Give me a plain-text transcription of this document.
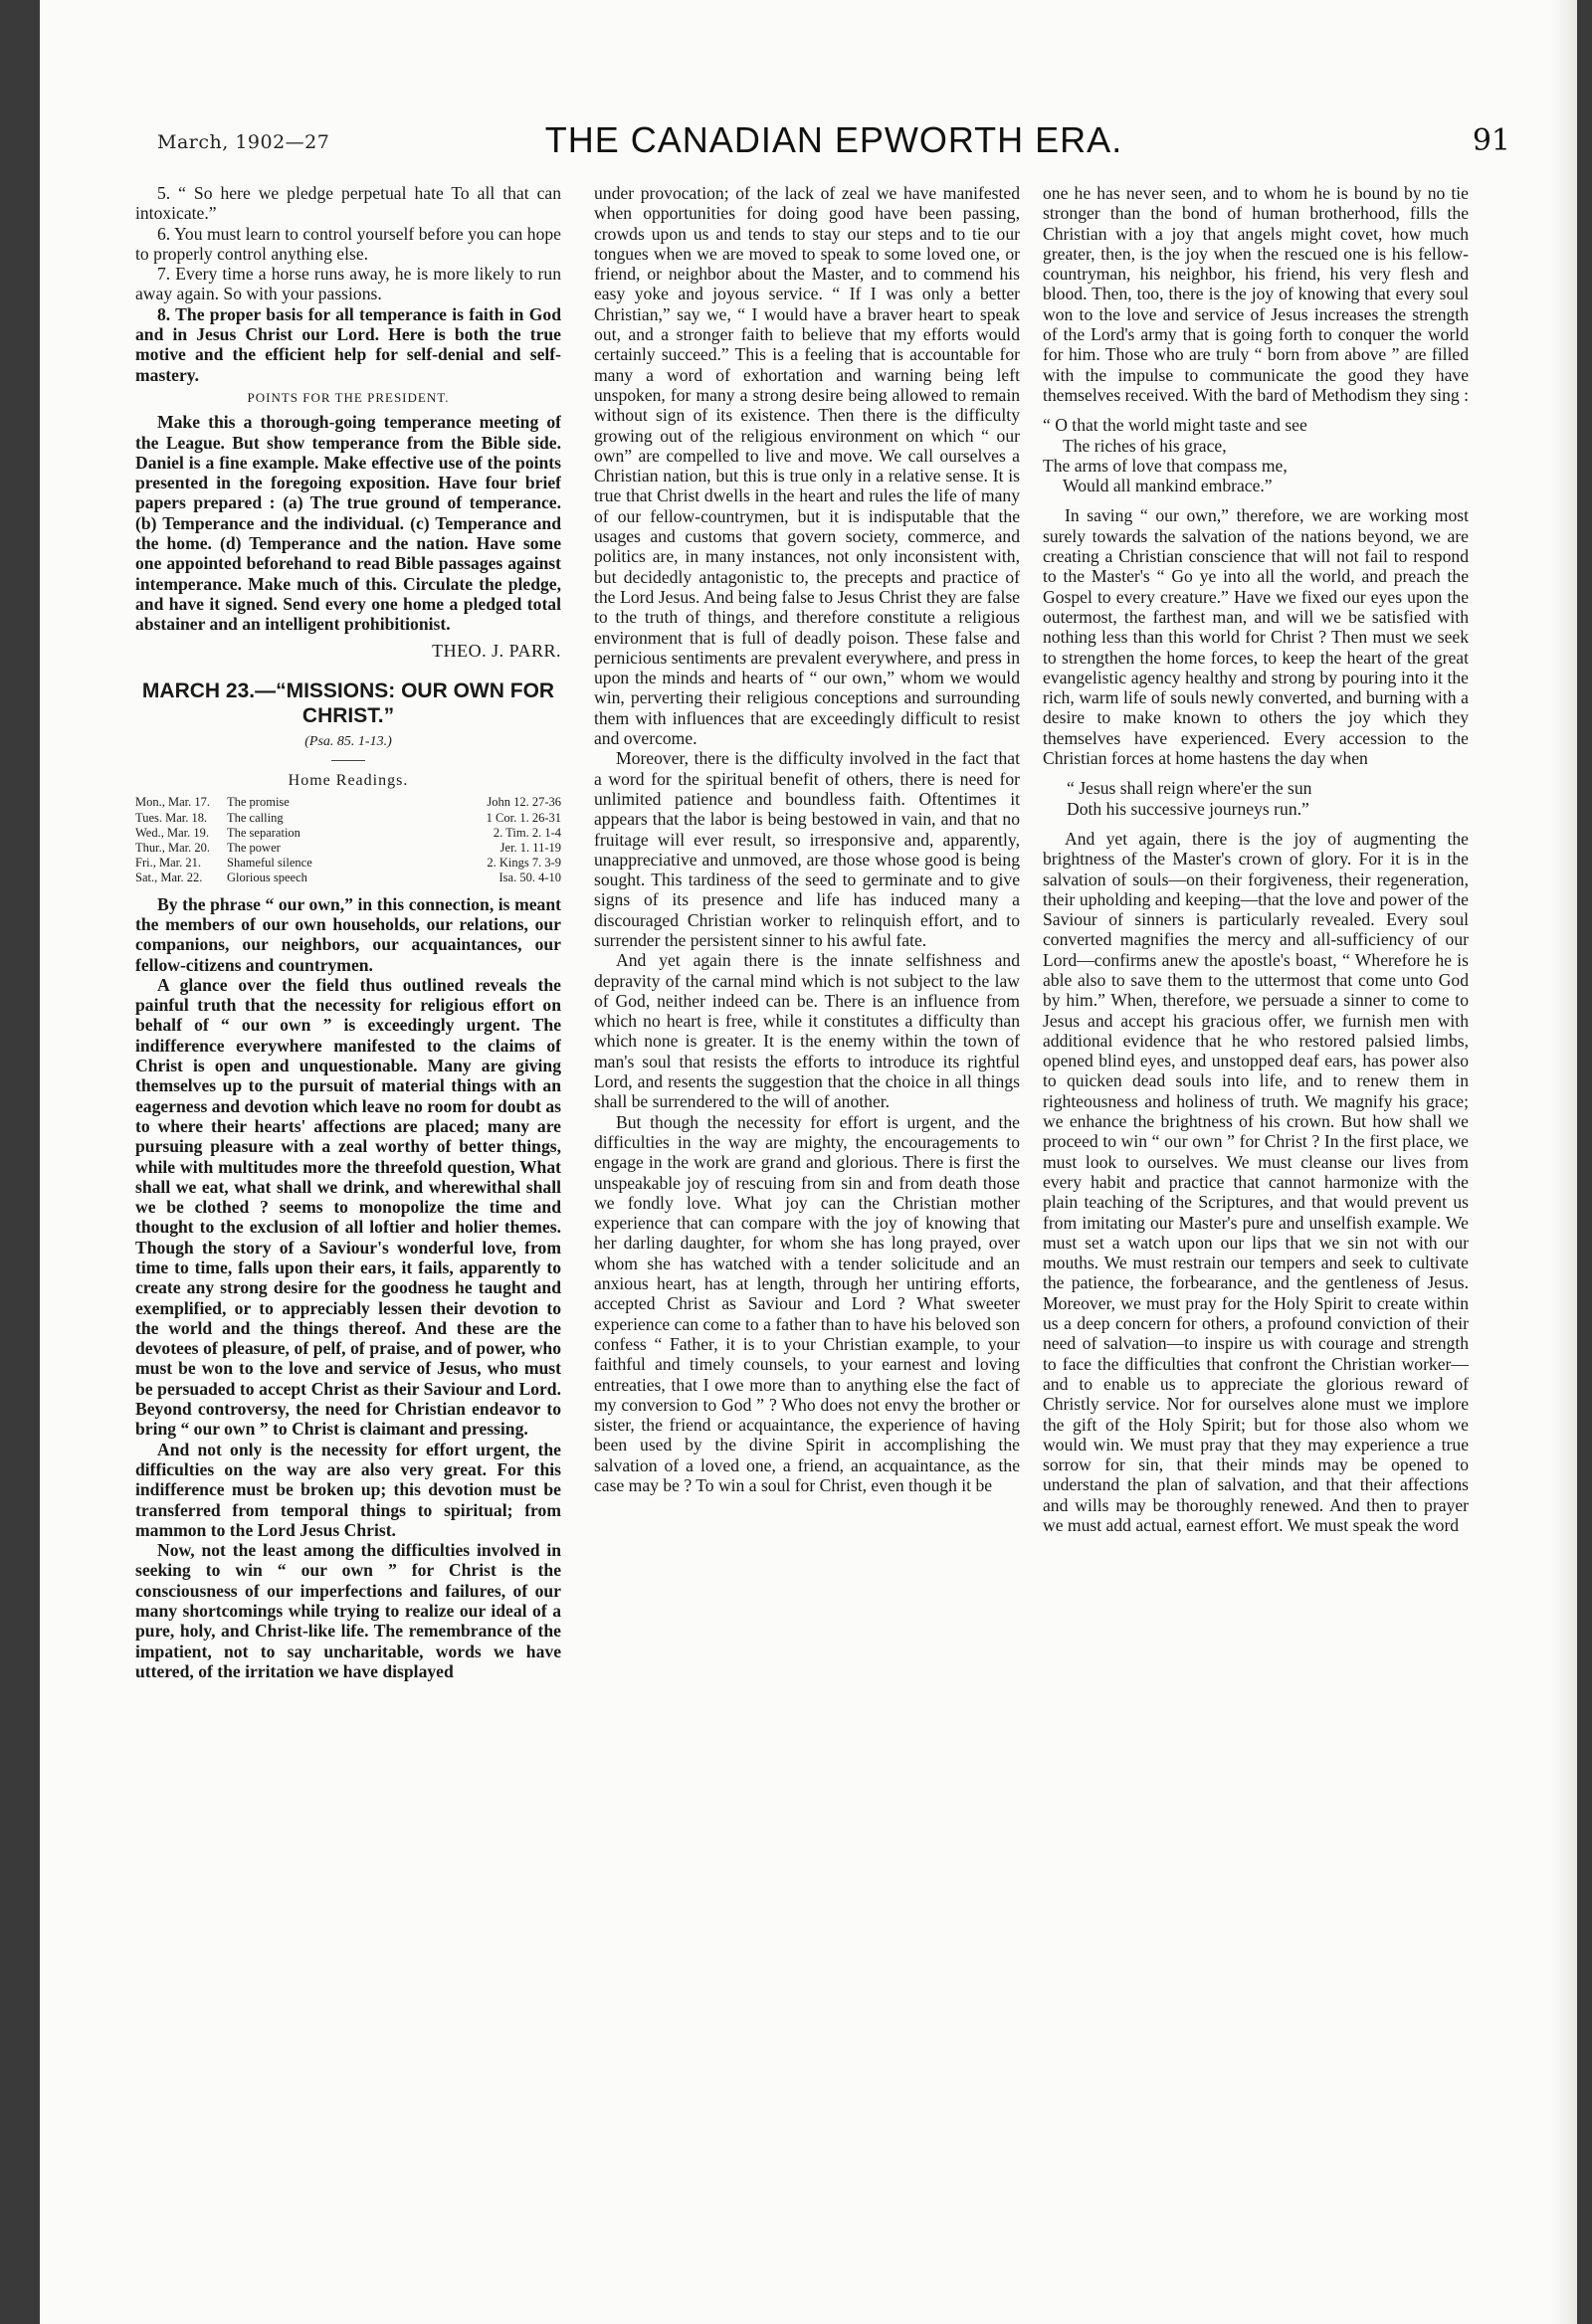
March, 1902—27	THE CANADIAN EPWORTH ERA.	91

5. “ So here we pledge perpetual hate To all that can intoxicate.”

6. You must learn to control yourself before you can hope to properly control anything else.

7. Every time a horse runs away, he is more likely to run away again. So with your passions.

8. The proper basis for all temperance is faith in God and in Jesus Christ our Lord. Here is both the true motive and the efficient help for self-denial and self-mastery.

POINTS FOR THE PRESIDENT.

Make this a thorough-going temperance meeting of the League. But show temperance from the Bible side. Daniel is a fine example. Make effective use of the points presented in the foregoing exposition. Have four brief papers prepared : (a) The true ground of temperance. (b) Temperance and the individual. (c) Temperance and the home. (d) Temperance and the nation. Have some one appointed beforehand to read Bible passages against intemperance. Make much of this. Circulate the pledge, and have it signed. Send every one home a pledged total abstainer and an intelligent prohibitionist.

THEO. J. PARR.
MARCH 23.—“MISSIONS: OUR OWN FOR CHRIST.”
(Psa. 85. 1-13.)
Home Readings.
Mon., Mar. 17.	The promise	John 12. 27-36
Tues. Mar. 18.	The calling	1 Cor. 1. 26-31
Wed., Mar. 19.	The separation	2. Tim. 2. 1-4
Thur., Mar. 20.	The power	Jer. 1. 11-19
Fri., Mar. 21.	Shameful silence	2. Kings 7. 3-9
Sat., Mar. 22.	Glorious speech	Isa. 50. 4-10

By the phrase “ our own,” in this connection, is meant the members of our own households, our relations, our companions, our neighbors, our acquaintances, our fellow-citizens and countrymen.

A glance over the field thus outlined reveals the painful truth that the necessity for religious effort on behalf of “ our own ” is exceedingly urgent. The indifference everywhere manifested to the claims of Christ is open and unquestionable. Many are giving themselves up to the pursuit of material things with an eagerness and devotion which leave no room for doubt as to where their hearts' affections are placed; many are pursuing pleasure with a zeal worthy of better things, while with multitudes more the threefold question, What shall we eat, what shall we drink, and wherewithal shall we be clothed ? seems to monopolize the time and thought to the exclusion of all loftier and holier themes. Though the story of a Saviour's wonderful love, from time to time, falls upon their ears, it fails, apparently to create any strong desire for the goodness he taught and exemplified, or to appreciably lessen their devotion to the world and the things thereof. And these are the devotees of pleasure, of pelf, of praise, and of power, who must be won to the love and service of Jesus, who must be persuaded to accept Christ as their Saviour and Lord. Beyond controversy, the need for Christian endeavor to bring “ our own ” to Christ is claimant and pressing.

And not only is the necessity for effort urgent, the difficulties on the way are also very great. For this indifference must be broken up; this devotion must be transferred from temporal things to spiritual; from mammon to the Lord Jesus Christ.

Now, not the least among the difficulties involved in seeking to win “ our own ” for Christ is the consciousness of our imperfections and failures, of our many shortcomings while trying to realize our ideal of a pure, holy, and Christ-like life. The remembrance of the impatient, not to say uncharitable, words we have uttered, of the irritation we have displayed

under provocation; of the lack of zeal we have manifested when opportunities for doing good have been passing, crowds upon us and tends to stay our steps and to tie our tongues when we are moved to speak to some loved one, or friend, or neighbor about the Master, and to commend his easy yoke and joyous service. “ If I was only a better Christian,” say we, “ I would have a braver heart to speak out, and a stronger faith to believe that my efforts would certainly succeed.” This is a feeling that is accountable for many a word of exhortation and warning being left unspoken, for many a strong desire being allowed to remain without sign of its existence. Then there is the difficulty growing out of the religious environment on which “ our own” are compelled to live and move. We call ourselves a Christian nation, but this is true only in a relative sense. It is true that Christ dwells in the heart and rules the life of many of our fellow-countrymen, but it is indisputable that the usages and customs that govern society, commerce, and politics are, in many instances, not only inconsistent with, but decidedly antagonistic to, the precepts and practice of the Lord Jesus. And being false to Jesus Christ they are false to the truth of things, and therefore constitute a religious environment that is full of deadly poison. These false and pernicious sentiments are prevalent everywhere, and press in upon the minds and hearts of “ our own,” whom we would win, perverting their religious conceptions and surrounding them with influences that are exceedingly difficult to resist and overcome.

Moreover, there is the difficulty involved in the fact that a word for the spiritual benefit of others, there is need for unlimited patience and boundless faith. Oftentimes it appears that the labor is being bestowed in vain, and that no fruitage will ever result, so irresponsive and, apparently, unappreciative and unmoved, are those whose good is being sought. This tardiness of the seed to germinate and to give signs of its presence and life has induced many a discouraged Christian worker to relinquish effort, and to surrender the persistent sinner to his awful fate.

And yet again there is the innate selfishness and depravity of the carnal mind which is not subject to the law of God, neither indeed can be. There is an influence from which no heart is free, while it constitutes a difficulty than which none is greater. It is the enemy within the town of man's soul that resists the efforts to introduce its rightful Lord, and resents the suggestion that the choice in all things shall be surrendered to the will of another.

But though the necessity for effort is urgent, and the difficulties in the way are mighty, the encouragements to engage in the work are grand and glorious. There is first the unspeakable joy of rescuing from sin and from death those we fondly love. What joy can the Christian mother experience that can compare with the joy of knowing that her darling daughter, for whom she has long prayed, over whom she has watched with a tender solicitude and an anxious heart, has at length, through her untiring efforts, accepted Christ as Saviour and Lord ? What sweeter experience can come to a father than to have his beloved son confess “ Father, it is to your Christian example, to your faithful and timely counsels, to your earnest and loving entreaties, that I owe more than to anything else the fact of my conversion to God ” ? Who does not envy the brother or sister, the friend or acquaintance, the experience of having been used by the divine Spirit in accomplishing the salvation of a loved one, a friend, an acquaintance, as the case may be ? To win a soul for Christ, even though it be

one he has never seen, and to whom he is bound by no tie stronger than the bond of human brotherhood, fills the Christian with a joy that angels might covet, how much greater, then, is the joy when the rescued one is his fellow-countryman, his neighbor, his friend, his very flesh and blood. Then, too, there is the joy of knowing that every soul won to the love and service of Jesus increases the strength of the Lord's army that is going forth to conquer the world for him. Those who are truly “ born from above ” are filled with the impulse to communicate the good they have themselves received. With the bard of Methodism they sing :

“ O that the world might taste and see
The riches of his grace,
The arms of love that compass me,
Would all mankind embrace.”

In saving “ our own,” therefore, we are working most surely towards the salvation of the nations beyond, we are creating a Christian conscience that will not fail to respond to the Master's “ Go ye into all the world, and preach the Gospel to every creature.” Have we fixed our eyes upon the outermost, the farthest man, and will we be satisfied with nothing less than this world for Christ ? Then must we seek to strengthen the home forces, to keep the heart of the great evangelistic agency healthy and strong by pouring into it the rich, warm life of souls newly converted, and burning with a desire to make known to others the joy which they themselves have experienced. Every accession to the Christian forces at home hastens the day when

“ Jesus shall reign where'er the sun
Doth his successive journeys run.”

And yet again, there is the joy of augmenting the brightness of the Master's crown of glory. For it is in the salvation of souls—on their forgiveness, their regeneration, their upholding and keeping—that the love and power of the Saviour of sinners is particularly revealed. Every soul converted magnifies the mercy and all-sufficiency of our Lord—confirms anew the apostle's boast, “ Wherefore he is able also to save them to the uttermost that come unto God by him.” When, therefore, we persuade a sinner to come to Jesus and accept his gracious offer, we furnish men with additional evidence that he who restored palsied limbs, opened blind eyes, and unstopped deaf ears, has power also to quicken dead souls into life, and to renew them in righteousness and holiness of truth. We magnify his grace; we enhance the brightness of his crown. But how shall we proceed to win “ our own ” for Christ ? In the first place, we must look to ourselves. We must cleanse our lives from every habit and practice that cannot harmonize with the plain teaching of the Scriptures, and that would prevent us from imitating our Master's pure and unselfish example. We must set a watch upon our lips that we sin not with our mouths. We must restrain our tempers and seek to cultivate the patience, the forbearance, and the gentleness of Jesus. Moreover, we must pray for the Holy Spirit to create within us a deep concern for others, a profound conviction of their need of salvation—to inspire us with courage and strength to face the difficulties that confront the Christian worker—and to enable us to appreciate the glorious reward of Christly service. Nor for ourselves alone must we implore the gift of the Holy Spirit; but for those also whom we would win. We must pray that they may experience a true sorrow for sin, that their minds may be opened to understand the plan of salvation, and that their affections and wills may be thoroughly renewed. And then to prayer we must add actual, earnest effort. We must speak the word
